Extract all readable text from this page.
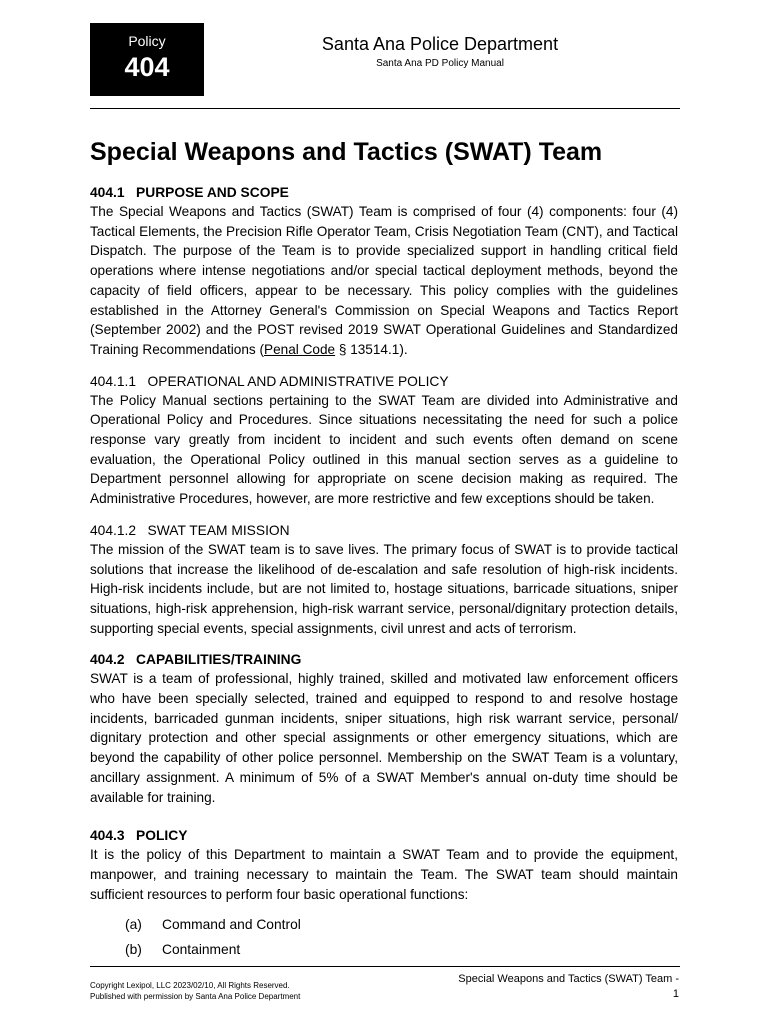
Policy
404
Santa Ana Police Department
Santa Ana PD Policy Manual
Special Weapons and Tactics (SWAT) Team
404.1 PURPOSE AND SCOPE

The Special Weapons and Tactics (SWAT) Team is comprised of four (4) components: four (4) Tactical Elements, the Precision Rifle Operator Team, Crisis Negotiation Team (CNT), and Tactical Dispatch. The purpose of the Team is to provide specialized support in handling critical field operations where intense negotiations and/or special tactical deployment methods, beyond the capacity of field officers, appear to be necessary. This policy complies with the guidelines established in the Attorney General's Commission on Special Weapons and Tactics Report (September 2002) and the POST revised 2019 SWAT Operational Guidelines and Standardized Training Recommendations (Penal Code § 13514.1).

404.1.1 OPERATIONAL AND ADMINISTRATIVE POLICY

The Policy Manual sections pertaining to the SWAT Team are divided into Administrative and Operational Policy and Procedures. Since situations necessitating the need for such a police response vary greatly from incident to incident and such events often demand on scene evaluation, the Operational Policy outlined in this manual section serves as a guideline to Department personnel allowing for appropriate on scene decision making as required. The Administrative Procedures, however, are more restrictive and few exceptions should be taken.

404.1.2 SWAT TEAM MISSION

The mission of the SWAT team is to save lives. The primary focus of SWAT is to provide tactical solutions that increase the likelihood of de-escalation and safe resolution of high-risk incidents. High-risk incidents include, but are not limited to, hostage situations, barricade situations, sniper situations, high-risk apprehension, high-risk warrant service, personal/dignitary protection details, supporting special events, special assignments, civil unrest and acts of terrorism.

404.2 CAPABILITIES/TRAINING

SWAT is a team of professional, highly trained, skilled and motivated law enforcement officers who have been specially selected, trained and equipped to respond to and resolve hostage incidents, barricaded gunman incidents, sniper situations, high risk warrant service, personal/ dignitary protection and other special assignments or other emergency situations, which are beyond the capability of other police personnel. Membership on the SWAT Team is a voluntary, ancillary assignment. A minimum of 5% of a SWAT Member's annual on-duty time should be available for training.

404.3 POLICY

It is the policy of this Department to maintain a SWAT Team and to provide the equipment, manpower, and training necessary to maintain the Team. The SWAT team should maintain sufficient resources to perform four basic operational functions:

(a) Command and Control
(b) Containment
Copyright Lexipol, LLC 2023/02/10, All Rights Reserved.
Published with permission by Santa Ana Police Department
Special Weapons and Tactics (SWAT) Team -
1
